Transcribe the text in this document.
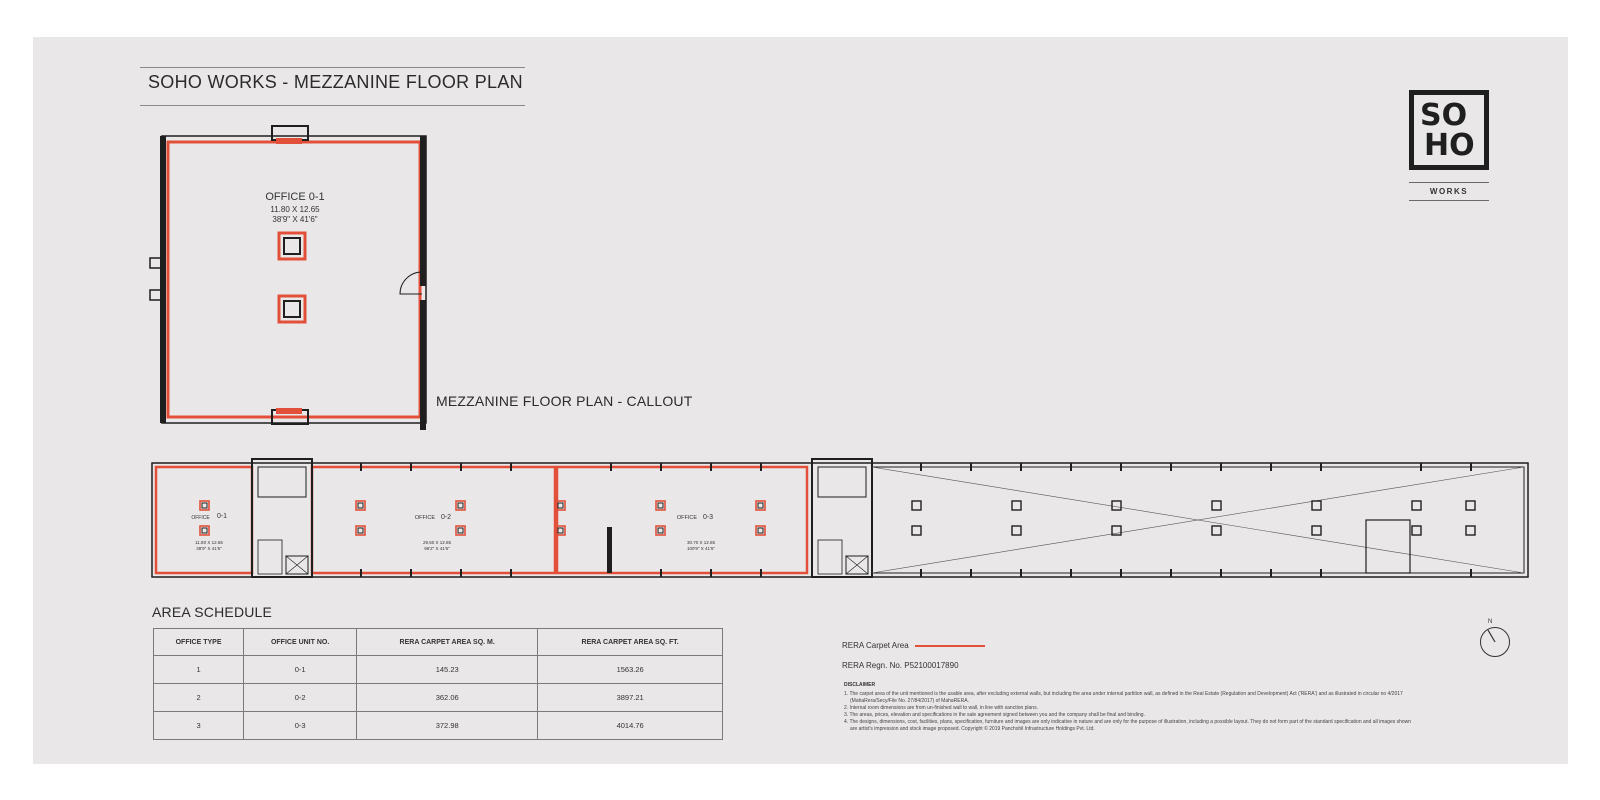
SOHO WORKS - MEZZANINE FLOOR PLAN
SO
HO
WORKS
OFFICE 0-1
11.80 X 12.65
38'9" X 41'6"
MEZZANINE FLOOR PLAN - CALLOUT
OFFICE	0-1
11.80 X 12.65
38'9" X 41'6"
OFFICE 0-2
29.50 X 12.65
96'2" X 41'6"
OFFICE 0-3
30.70 X 12.65
100'9" X 41'6"
AREA SCHEDULE
OFFICE TYPE	OFFICE UNIT NO.	RERA CARPET AREA SQ. M.	RERA CARPET AREA SQ. FT.
1	0-1	145.23	1563.26
2	0-2	362.06	3897.21
3	0-3	372.98	4014.76
RERA Carpet Area
RERA Regn. No. P52100017890
DISCLAIMER
1. The carpet area of the unit mentioned is the usable area, after excluding external walls, but including the area under internal partition wall, as defined in the Real Estate (Regulation and Development) Act ('RERA') and as illustrated in circular no 4/2017
(MahaRera/Secy/File No. 27/84/2017) of MahaRERA.
2. Internal room dimensions are from un-finished wall to wall, in line with sanction plans.
3. The areas, prices, elevation and specifications in the sale agreement signed between you and the company shall be final and binding.
4. The designs, dimensions, cost, facilities, plans, specification, furniture and images are only indicative in nature and are only for the purpose of illustration, including a possible layout. They do not form part of the standard specification and all images shown
are artist's impression and stock image proposed. Copyright © 2019 Panchshil Infrastructure Holdings Pvt. Ltd.
N
